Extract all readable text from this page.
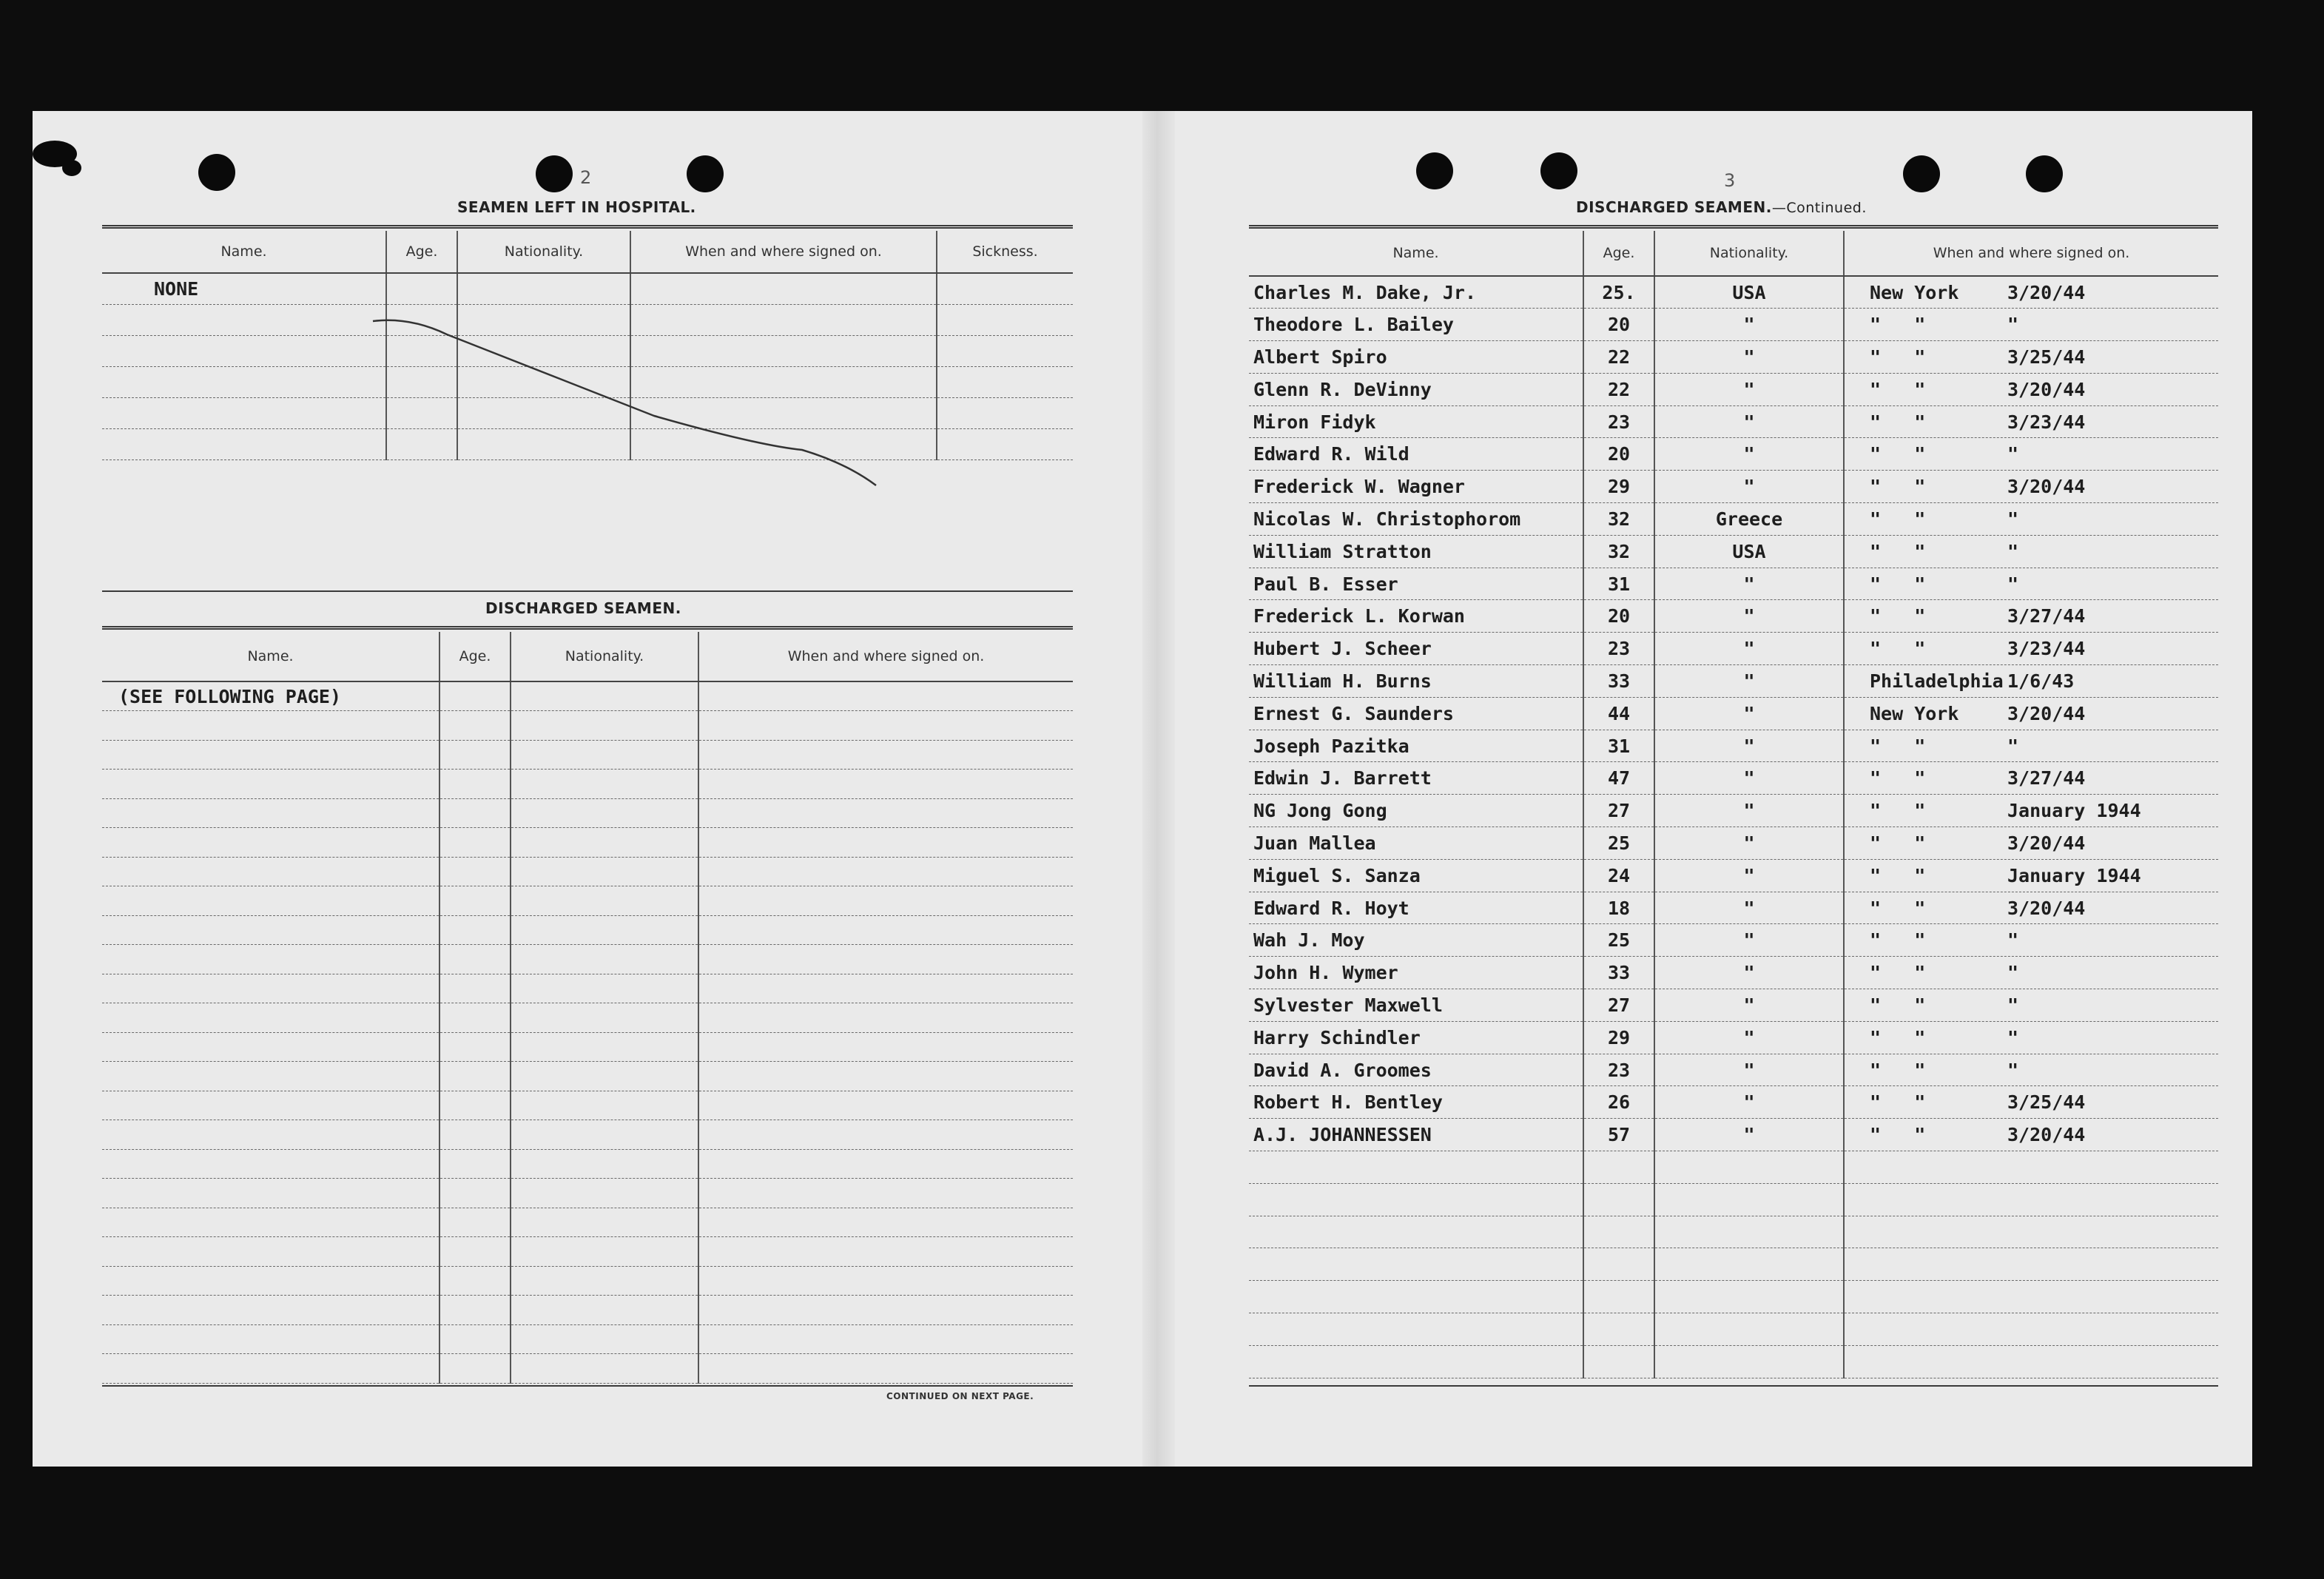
2
SEAMEN LEFT IN HOSPITAL.
Name.	Age.	Nationality.	When and where signed on.	Sickness.
NONE				

DISCHARGED SEAMEN.
Name.	Age.	Nationality.	When and where signed on.
(SEE FOLLOWING PAGE)			

CONTINUED ON NEXT PAGE.
3
DISCHARGED SEAMEN.—Continued.
Name.	Age.	Nationality.	When and where signed on.
Charles M. Dake, Jr.	25.	USA	New York 3/20/44
Theodore L. Bailey	20	"	"   " "
Albert Spiro	22	"	"   " 3/25/44
Glenn R. DeVinny	22	"	"   " 3/20/44
Miron Fidyk	23	"	"   " 3/23/44
Edward R. Wild	20	"	"   " "
Frederick W. Wagner	29	"	"   " 3/20/44
Nicolas W. Christophorom	32	Greece	"   " "
William Stratton	32	USA	"   " "
Paul B. Esser	31	"	"   " "
Frederick L. Korwan	20	"	"   " 3/27/44
Hubert J. Scheer	23	"	"   " 3/23/44
William H. Burns	33	"	Philadelphia 1/6/43
Ernest G. Saunders	44	"	New York 3/20/44
Joseph Pazitka	31	"	"   " "
Edwin J. Barrett	47	"	"   " 3/27/44
NG Jong Gong	27	"	"   " January 1944
Juan Mallea	25	"	"   " 3/20/44
Miguel S. Sanza	24	"	"   " January 1944
Edward R. Hoyt	18	"	"   " 3/20/44
Wah J. Moy	25	"	"   " "
John H. Wymer	33	"	"   " "
Sylvester Maxwell	27	"	"   " "
Harry Schindler	29	"	"   " "
David A. Groomes	23	"	"   " "
Robert H. Bentley	26	"	"   " 3/25/44
A.J. JOHANNESSEN	57	"	"   " 3/20/44
